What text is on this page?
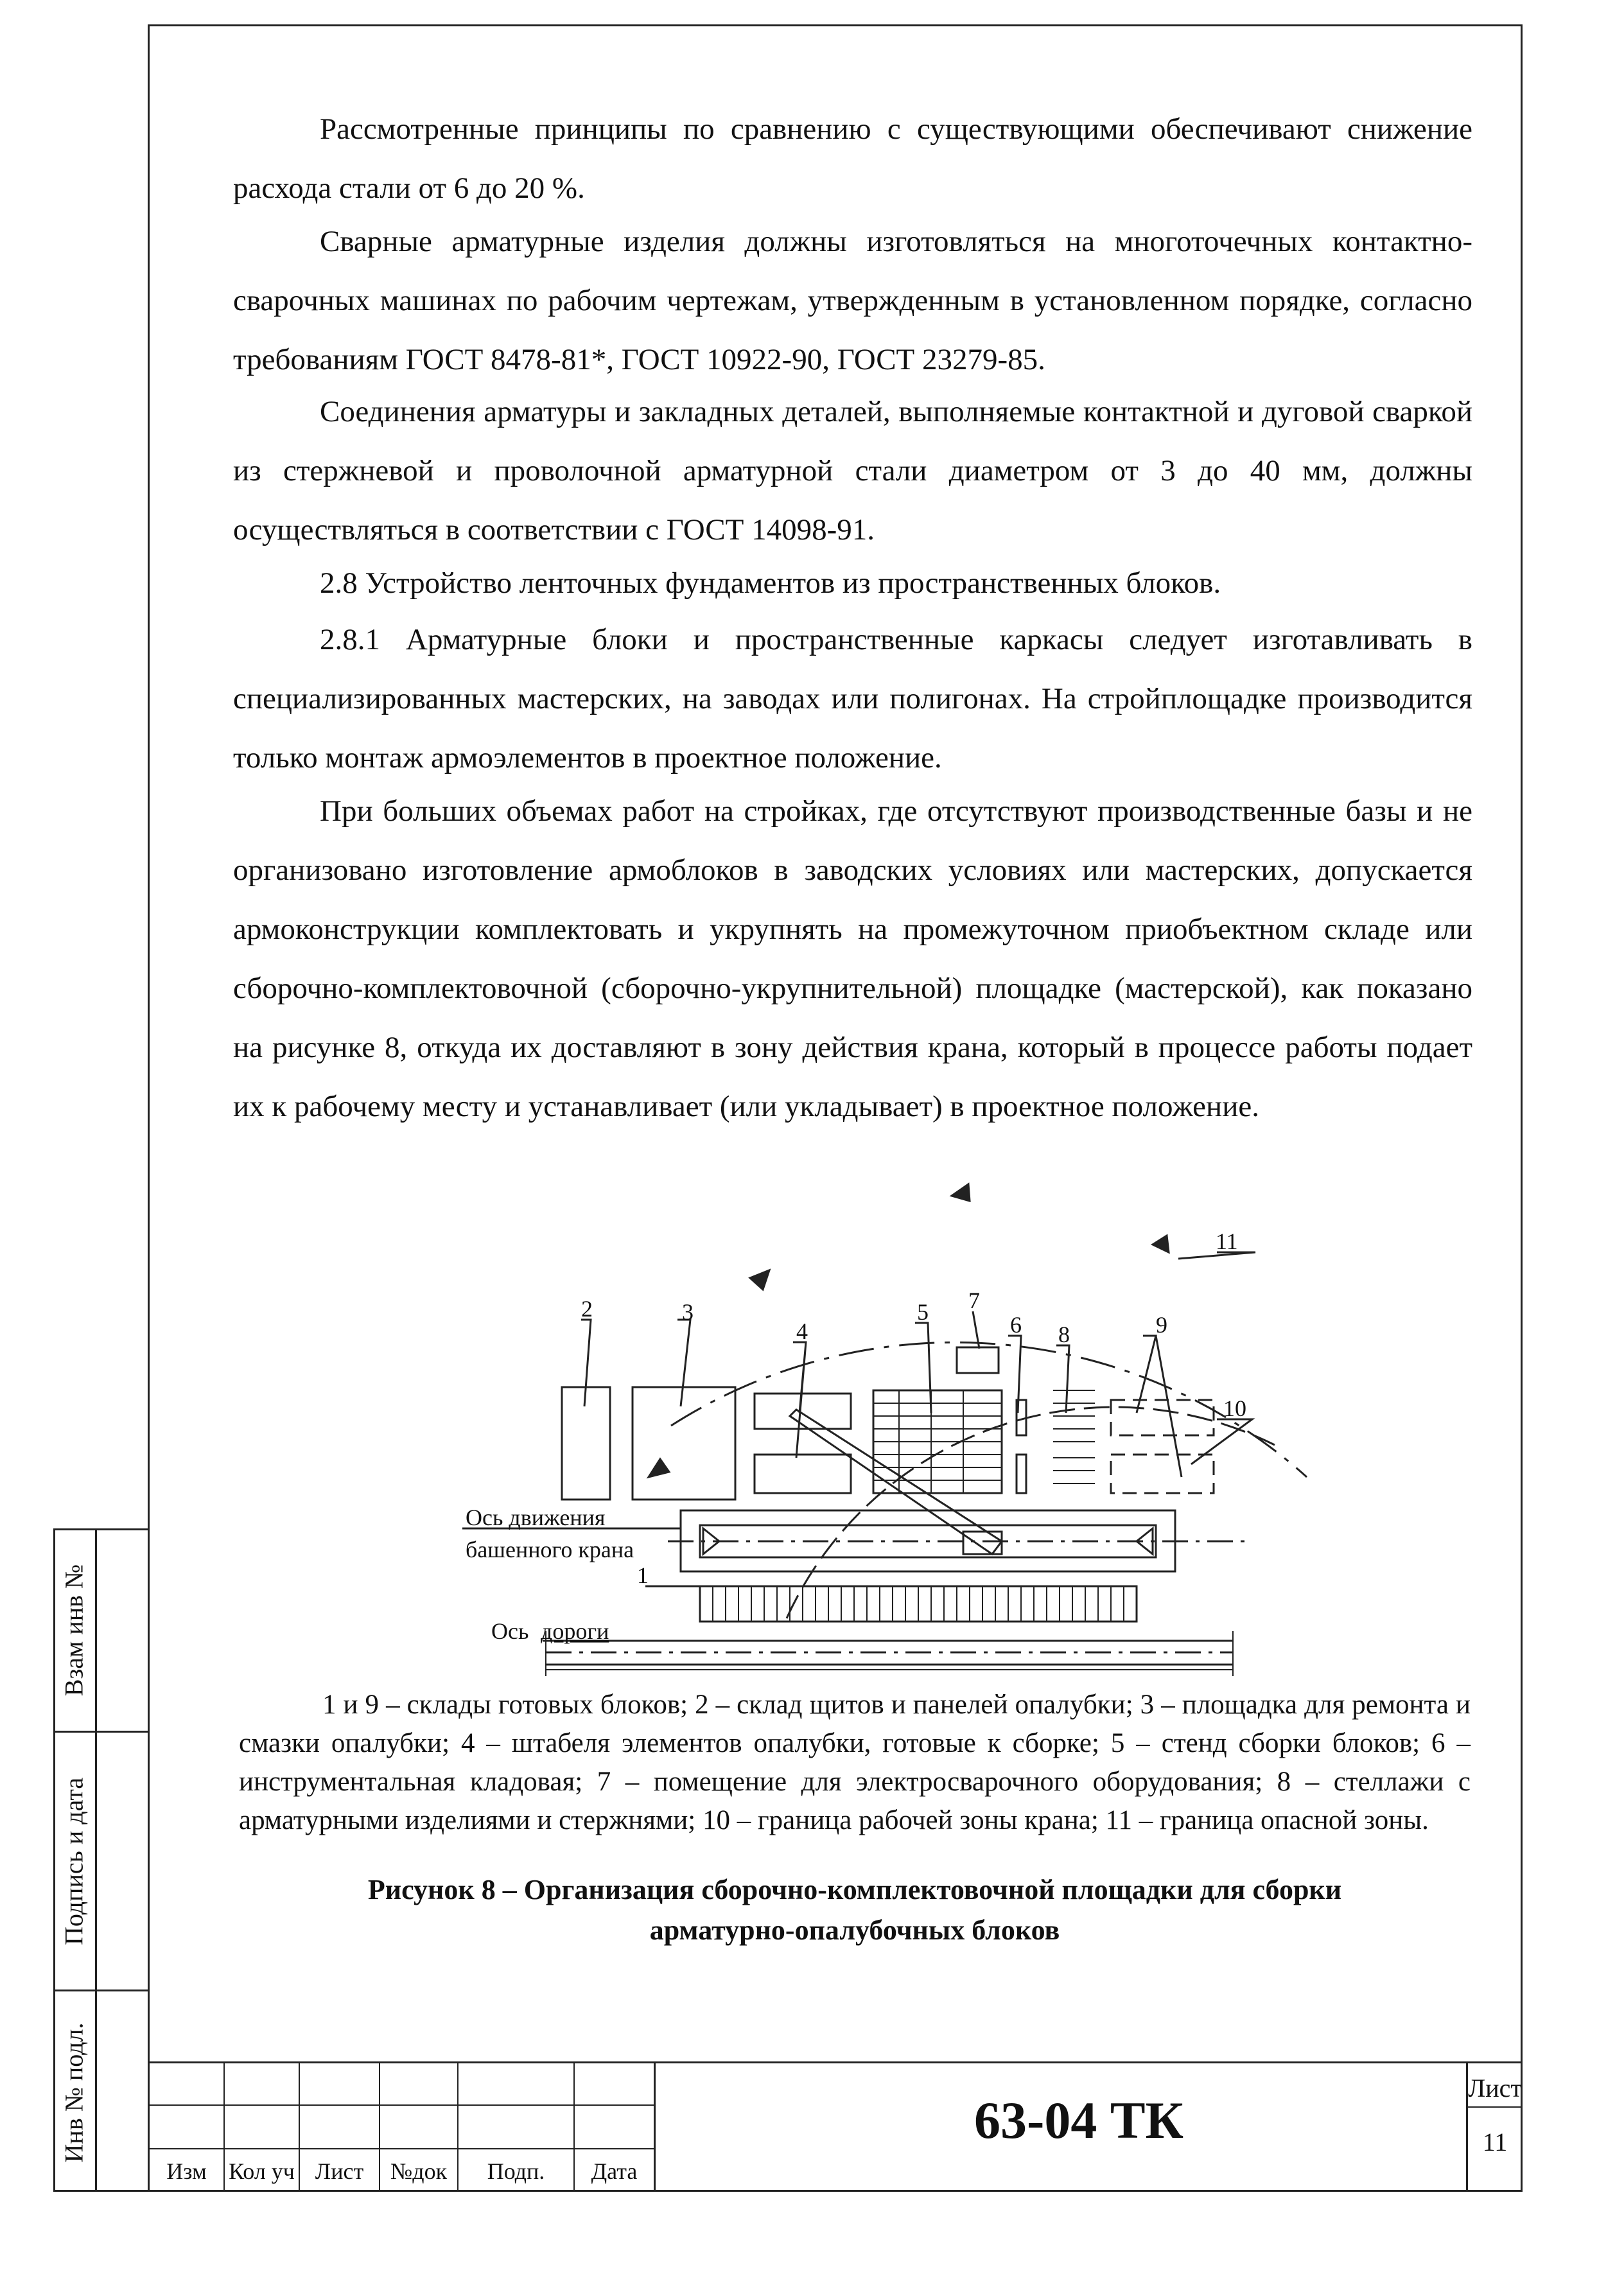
Взам инв №
Подпись и дата
Инв № подл.

Рассмотренные принципы по сравнению с существующими обеспечивают снижение расхода стали от 6 до 20 %.

Сварные арматурные изделия должны изготовляться на многоточечных контактно-сварочных машинах по рабочим чертежам, утвержденным в установленном порядке, согласно требованиям ГОСТ 8478-81*, ГОСТ 10922-90, ГОСТ 23279-85.

Соединения арматуры и закладных деталей, выполняемые контактной и дуговой сваркой из стержневой и проволочной арматурной стали диаметром от 3 до 40 мм, должны осуществляться в соответствии с ГОСТ 14098-91.

2.8 Устройство ленточных фундаментов из пространственных блоков.

2.8.1 Арматурные блоки и пространственные каркасы следует изготавливать в специализированных мастерских, на заводах или полигонах. На стройплощадке производится только монтаж армоэлементов в проектное положение.

При больших объемах работ на стройках, где отсутствуют производственные базы и не организовано изготовление армоблоков в заводских условиях или мастерских, допускается армоконструкции комплектовать и укрупнять на промежуточном приобъектном складе или сборочно-комплектовочной (сборочно-укрупнительной) площадке (мастерской), как показано на рисунке 8, откуда их доставляют в зону действия крана, который в процессе работы подает их к рабочему месту и устанавливает (или укладывает) в проектное положение.

2	3
4
5 7
6 8	9
10
11
1
Ось движения
башенного крана
Ось дороги

1 и 9 – склады готовых блоков; 2 – склад щитов и панелей опалубки; 3 – площадка для ремонта и смазки опалубки; 4 – штабеля элементов опалубки, готовые к сборке; 5 – стенд сборки блоков; 6 – инструментальная кладовая; 7 – помещение для электросварочного оборудования; 8 – стеллажи с арматурными изделиями и стержнями; 10 – граница рабочей зоны крана; 11 – граница опасной зоны.

Рисунок 8 – Организация сборочно-комплектовочной площадки для сборки
арматурно-опалубочных блоков
Изм Кол уч Лист	№док	Подп.	Дата
63-04 ТК
Лист
11
